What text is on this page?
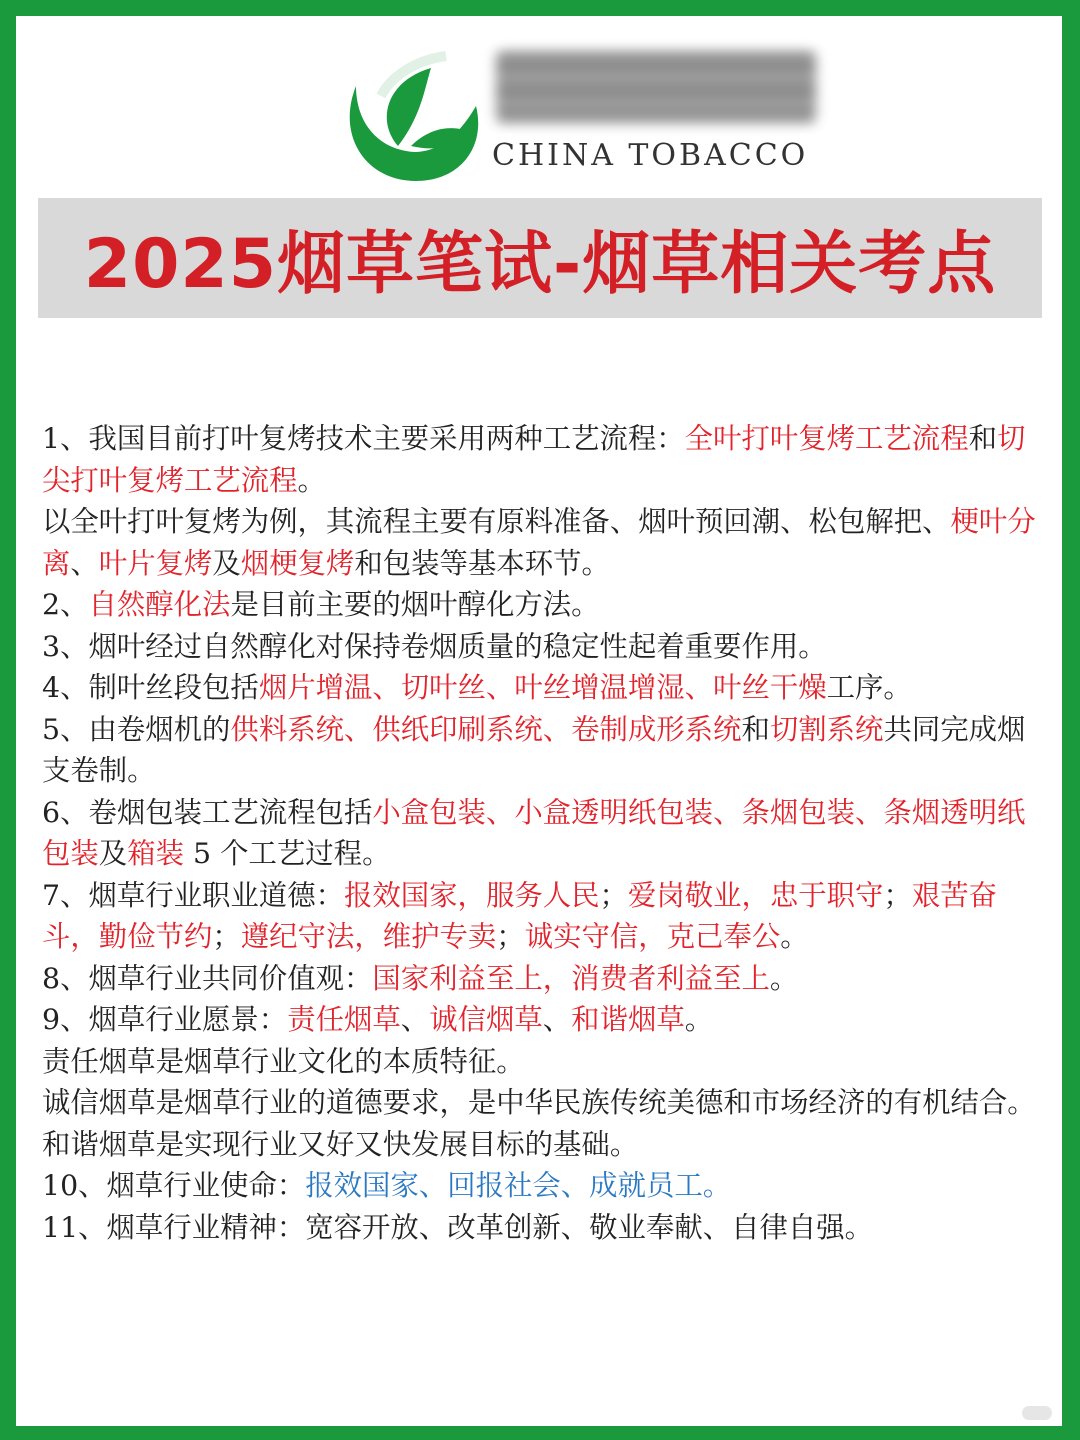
CHINA TOBACCO
2025烟草笔试-烟草相关考点

1、我国目前打叶复烤技术主要采用两种工艺流程：全叶打叶复烤工艺流程和切尖打叶复烤工艺流程。

以全叶打叶复烤为例，其流程主要有原料准备、烟叶预回潮、松包解把、梗叶分离、叶片复烤及烟梗复烤和包装等基本环节。

2、自然醇化法是目前主要的烟叶醇化方法。

3、烟叶经过自然醇化对保持卷烟质量的稳定性起着重要作用。

4、制叶丝段包括烟片增温、切叶丝、叶丝增温增湿、叶丝干燥工序。

5、由卷烟机的供料系统、供纸印刷系统、卷制成形系统和切割系统共同完成烟支卷制。

6、卷烟包装工艺流程包括小盒包装、小盒透明纸包装、条烟包装、条烟透明纸包装及箱装 5 个工艺过程。

7、烟草行业职业道德：报效国家，服务人民；爱岗敬业，忠于职守；艰苦奋斗，勤俭节约；遵纪守法，维护专卖；诚实守信，克己奉公。

8、烟草行业共同价值观：国家利益至上，消费者利益至上。

9、烟草行业愿景：责任烟草、诚信烟草、和谐烟草。

责任烟草是烟草行业文化的本质特征。

诚信烟草是烟草行业的道德要求，是中华民族传统美德和市场经济的有机结合。　和谐烟草是实现行业又好又快发展目标的基础。

10、烟草行业使命：报效国家、回报社会、成就员工。

11、烟草行业精神：宽容开放、改革创新、敬业奉献、自律自强。
